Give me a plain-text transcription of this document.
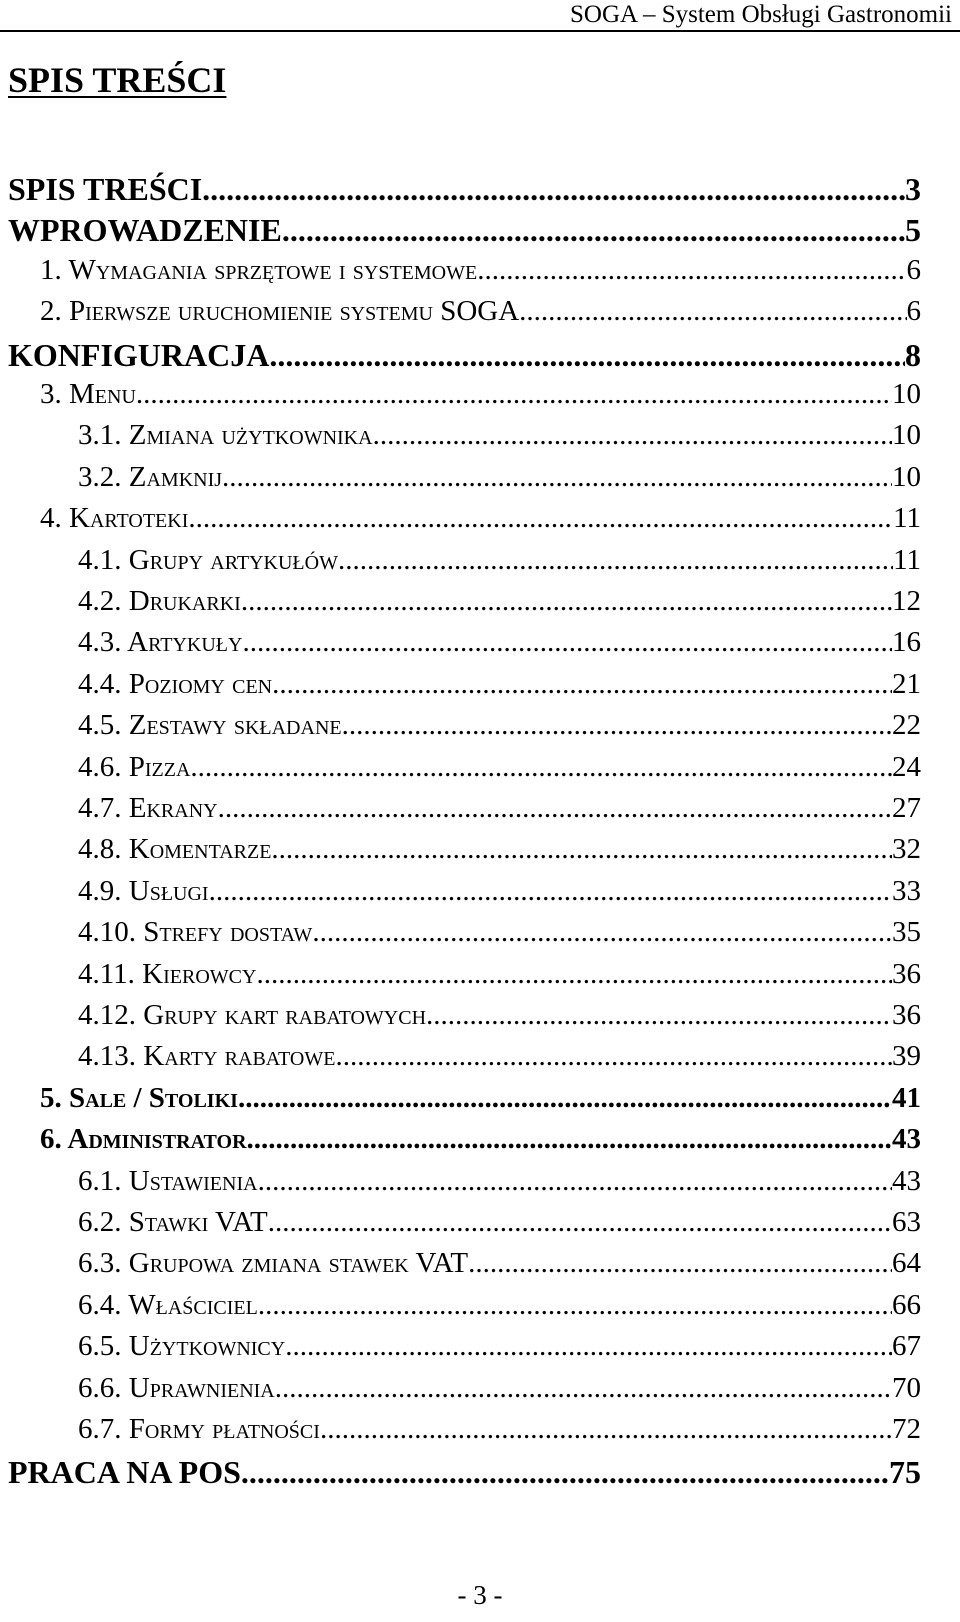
SOGA – System Obsługi Gastronomii
SPIS TREŚCI
SPIS TREŚCI .....	3
WPROWADZENIE .....	5
1. Wymagania sprzętowe i systemowe .....	6
2. Pierwsze uruchomienie systemu SOGA .....	6
KONFIGURACJA .....	8
3. Menu .....	10
3.1. Zmiana użytkownika .....	10
3.2. Zamknij .....	10
4. Kartoteki .....	11
4.1. Grupy artykułów .....	11
4.2. Drukarki .....	12
4.3. Artykuły .....	16
4.4. Poziomy cen .....	21
4.5. Zestawy składane .....	22
4.6. Pizza .....	24
4.7. Ekrany .....	27
4.8. Komentarze .....	32
4.9. Usługi .....	33
4.10. Strefy dostaw .....	35
4.11. Kierowcy .....	36
4.12. Grupy kart rabatowych .....	36
4.13. Karty rabatowe .....	39
5. Sale / Stoliki .....	41
6. Administrator .....	43
6.1. Ustawienia .....	43
6.2. Stawki VAT .....	63
6.3. Grupowa zmiana stawek VAT .....	64
6.4. Właściciel .....	66
6.5. Użytkownicy .....	67
6.6. Uprawnienia .....	70
6.7. Formy płatności .....	72
PRACA NA POS .....	75
- 3 -
